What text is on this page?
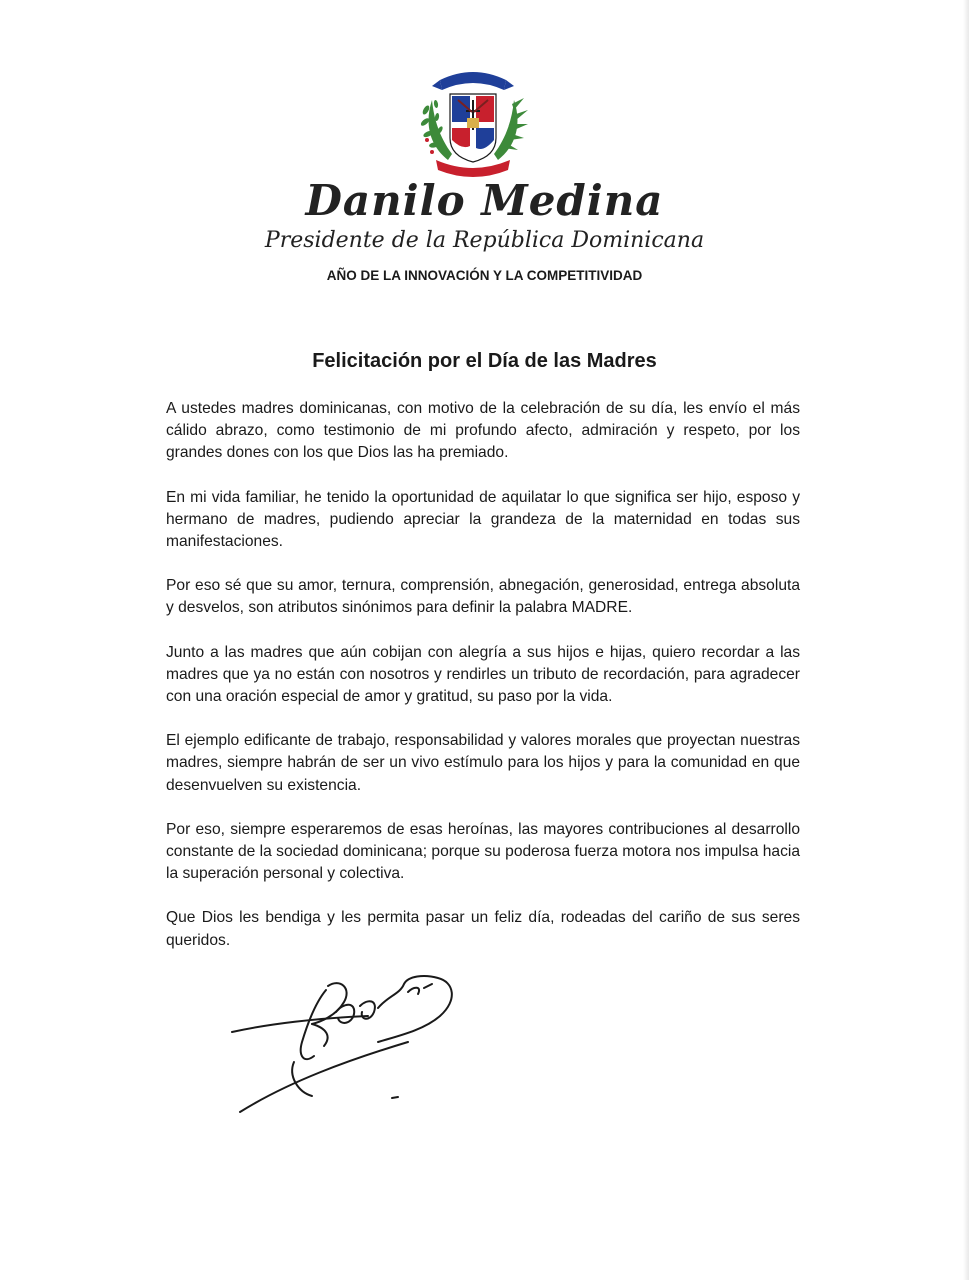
Danilo Medina
Presidente de la República Dominicana
AÑO DE LA INNOVACIÓN Y LA COMPETITIVIDAD
Felicitación por el Día de las Madres

A ustedes madres dominicanas, con motivo de la celebración de su día, les envío el más cálido abrazo, como testimonio de mi profundo afecto, admiración y respeto, por los grandes dones con los que Dios las ha premiado.

En mi vida familiar, he tenido la oportunidad de aquilatar lo que significa ser hijo, esposo y hermano de madres, pudiendo apreciar la grandeza de la maternidad en todas sus manifestaciones.

Por eso sé que su amor, ternura, comprensión, abnegación, generosidad, entrega absoluta y desvelos, son atributos sinónimos para definir la palabra MADRE.

Junto a las madres que aún cobijan con alegría a sus hijos e hijas, quiero recordar a las madres que ya no están con nosotros y rendirles un tributo de recordación, para agradecer con una oración especial de amor y gratitud, su paso por la vida.

El ejemplo edificante de trabajo, responsabilidad y valores morales que proyectan nuestras madres, siempre habrán de ser un vivo estímulo para los hijos y para la comunidad en que desenvuelven su existencia.

Por eso, siempre esperaremos de esas heroínas, las mayores contribuciones al desarrollo constante de la sociedad dominicana; porque su poderosa fuerza motora nos impulsa hacia la superación personal y colectiva.

Que Dios les bendiga y les permita pasar un feliz día, rodeadas del cariño de sus seres queridos.
